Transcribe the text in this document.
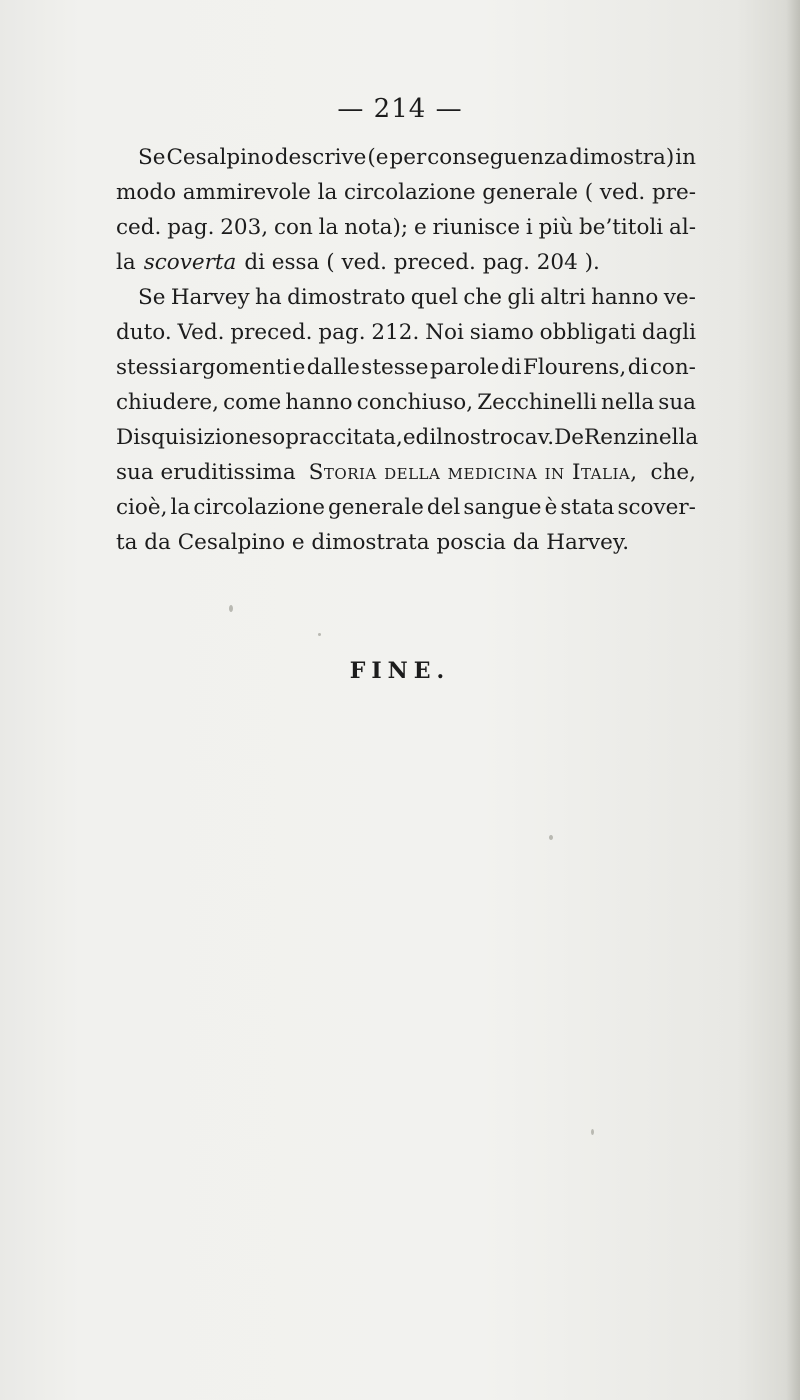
— 214 —
Se Cesalpino descrive (e per conseguenza dimostra) in
modo ammirevole la circolazione generale ( ved. pre-
ced. pag. 203, con la nota); e riunisce i più be’titoli al-
la scoverta di essa ( ved. preced. pag. 204 ).
Se Harvey ha dimostrato quel che gli altri hanno ve-
duto. Ved. preced. pag. 212. Noi siamo obbligati dagli
stessi argomenti e dalle stesse parole di Flourens, di con-
chiudere, come hanno conchiuso, Zecchinelli nella sua
Disquisizione sopraccitata, ed il nostro cav. De Renzi nella
sua eruditissima Storia della medicina in Italia, che,
cioè, la circolazione generale del sangue è stata scover-
ta da Cesalpino e dimostrata poscia da Harvey.
FINE.
